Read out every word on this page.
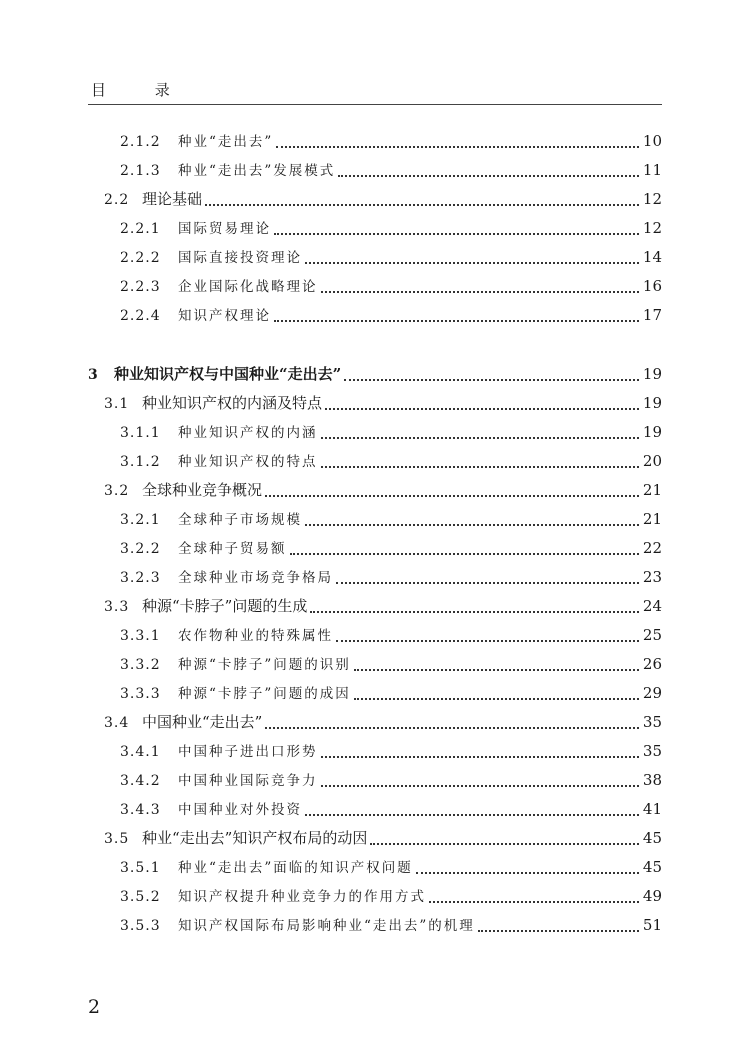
目 录
2.1.2	种业“走出去”	10
2.1.3	种业“走出去”发展模式	11
2.2 理论基础	12
2.2.1	国际贸易理论	12
2.2.2	国际直接投资理论	14
2.2.3	企业国际化战略理论	16
2.2.4	知识产权理论	17
3	种业知识产权与中国种业“走出去”	19
3.1 种业知识产权的内涵及特点	19
3.1.1	种业知识产权的内涵	19
3.1.2	种业知识产权的特点	20
3.2 全球种业竞争概况	21
3.2.1	全球种子市场规模	21
3.2.2	全球种子贸易额	22
3.2.3	全球种业市场竞争格局	23
3.3 种源“卡脖子”问题的生成	24
3.3.1	农作物种业的特殊属性	25
3.3.2	种源“卡脖子”问题的识别	26
3.3.3	种源“卡脖子”问题的成因	29
3.4 中国种业“走出去”	35
3.4.1	中国种子进出口形势	35
3.4.2	中国种业国际竞争力	38
3.4.3	中国种业对外投资	41
3.5 种业“走出去”知识产权布局的动因	45
3.5.1	种业“走出去”面临的知识产权问题	45
3.5.2	知识产权提升种业竞争力的作用方式	49
3.5.3	知识产权国际布局影响种业“走出去”的机理	51
2
